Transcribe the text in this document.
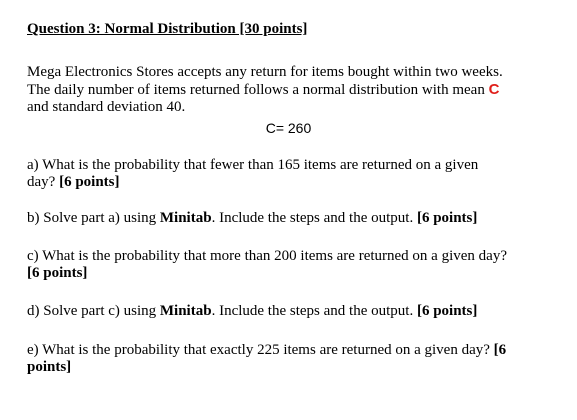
Question 3: Normal Distribution [30 points]
Mega Electronics Stores accepts any return for items bought within two weeks.
The daily number of items returned follows a normal distribution with mean C
and standard deviation 40.
C= 260
a) What is the probability that fewer than 165 items are returned on a given
day? [6 points]
b) Solve part a) using Minitab. Include the steps and the output. [6 points]
c) What is the probability that more than 200 items are returned on a given day?
[6 points]
d) Solve part c) using Minitab. Include the steps and the output. [6 points]
e) What is the probability that exactly 225 items are returned on a given day? [6
points]
